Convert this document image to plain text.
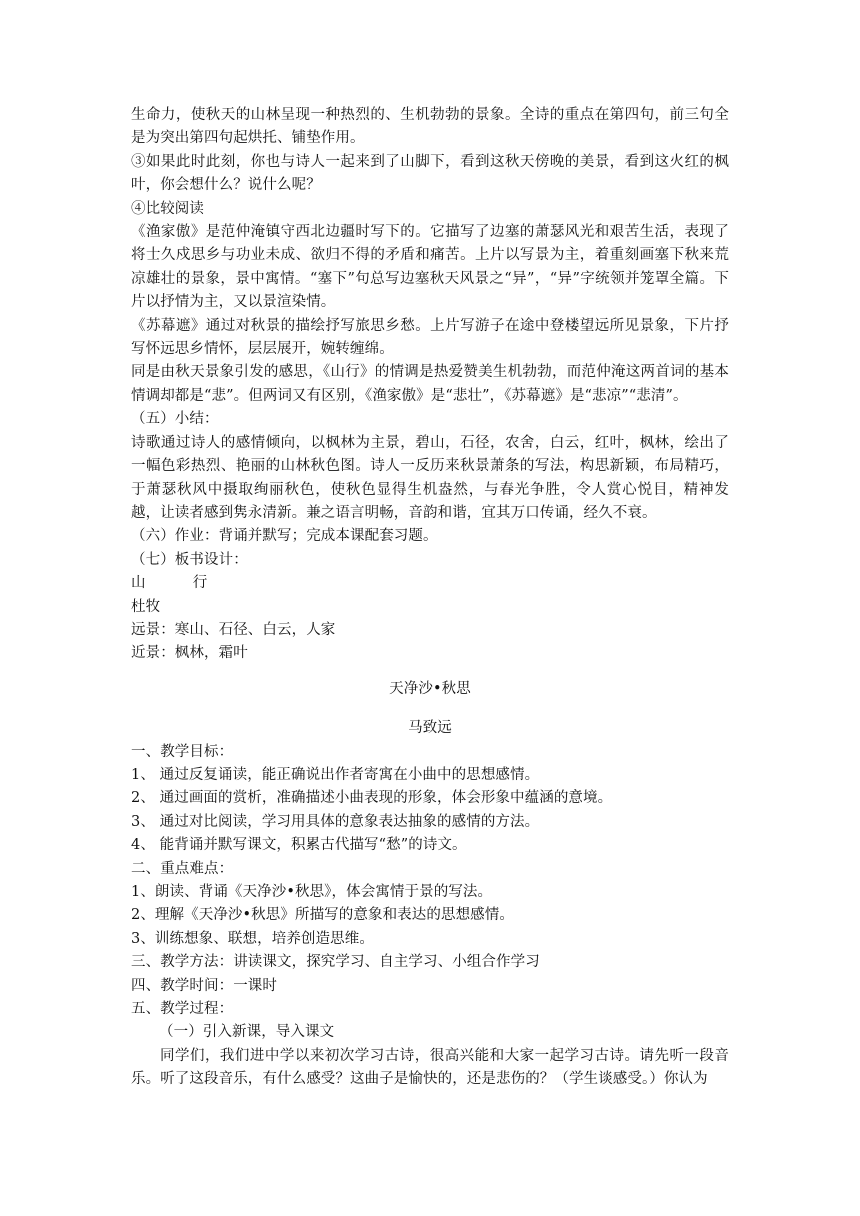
生命力，使秋天的山林呈现一种热烈的、生机勃勃的景象。全诗的重点在第四句，前三句全是为突出第四句起烘托、铺垫作用。

③如果此时此刻，你也与诗人一起来到了山脚下，看到这秋天傍晚的美景，看到这火红的枫叶，你会想什么？说什么呢？

④比较阅读

《渔家傲》是范仲淹镇守西北边疆时写下的。它描写了边塞的萧瑟风光和艰苦生活，表现了将士久戍思乡与功业未成、欲归不得的矛盾和痛苦。上片以写景为主，着重刻画塞下秋来荒凉雄壮的景象，景中寓情。“塞下”句总写边塞秋天风景之“异”，“异”字统领并笼罩全篇。下片以抒情为主，又以景渲染情。

《苏幕遮》通过对秋景的描绘抒写旅思乡愁。上片写游子在途中登楼望远所见景象，下片抒写怀远思乡情怀，层层展开，婉转缠绵。

同是由秋天景象引发的感思，《山行》的情调是热爱赞美生机勃勃，而范仲淹这两首词的基本情调却都是“悲”。但两词又有区别，《渔家傲》是“悲壮”，《苏幕遮》是“悲凉”“悲清”。

（五）小结：

诗歌通过诗人的感情倾向，以枫林为主景，碧山，石径，农舍，白云，红叶，枫林，绘出了一幅色彩热烈、艳丽的山林秋色图。诗人一反历来秋景萧条的写法，构思新颖，布局精巧，于萧瑟秋风中摄取绚丽秋色，使秋色显得生机盎然，与春光争胜，令人赏心悦目，精神发越，让读者感到隽永清新。兼之语言明畅，音韵和谐，宜其万口传诵，经久不衰。

（六）作业：背诵并默写；完成本课配套习题。

（七）板书设计：

山          行

杜牧

远景：寒山、石径、白云，人家

近景：枫林，霜叶

天净沙•秋思

马致远

一、教学目标：

1、 通过反复诵读，能正确说出作者寄寓在小曲中的思想感情。

2、 通过画面的赏析，准确描述小曲表现的形象，体会形象中蕴涵的意境。

3、 通过对比阅读，学习用具体的意象表达抽象的感情的方法。

4、 能背诵并默写课文，积累古代描写“愁”的诗文。

二、重点难点：

1、朗读、背诵《天净沙•秋思》，体会寓情于景的写法。

2、理解《天净沙•秋思》所描写的意象和表达的思想感情。

3、训练想象、联想，培养创造思维。

三、教学方法：讲读课文，探究学习、自主学习、小组合作学习

四、教学时间：一课时

五、教学过程：

（一）引入新课，导入课文

同学们，我们进中学以来初次学习古诗，很高兴能和大家一起学习古诗。请先听一段音乐。听了这段音乐，有什么感受？这曲子是愉快的，还是悲伤的？（学生谈感受。）你认为
